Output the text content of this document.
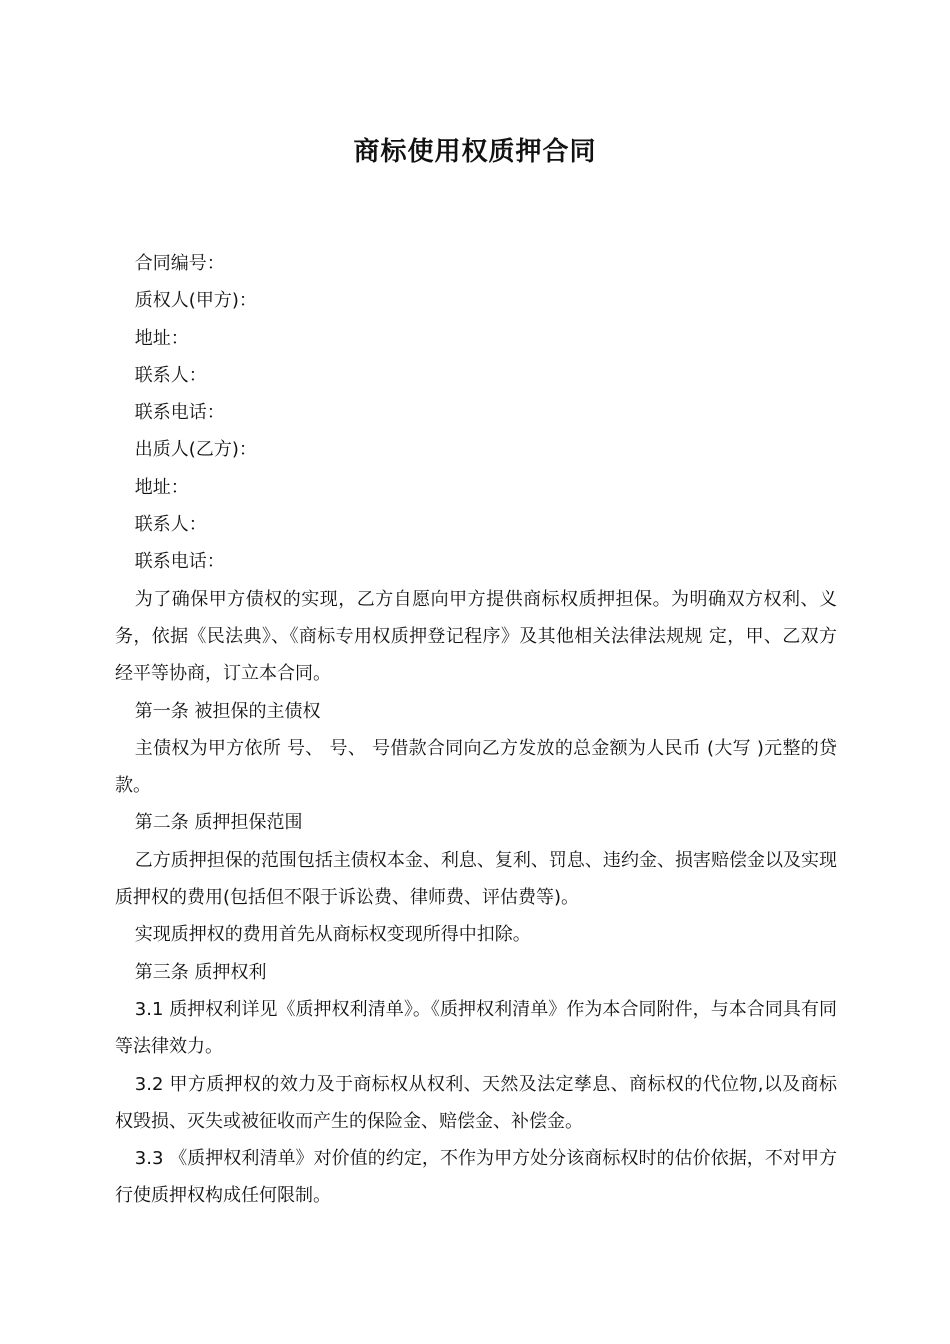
商标使用权质押合同

合同编号：

质权人(甲方)：

地址：

联系人：

联系电话：

出质人(乙方)：

地址：

联系人：

联系电话：

为了确保甲方债权的实现，乙方自愿向甲方提供商标权质押担保。为明确双方权利、义务，依据《民法典》、《商标专用权质押登记程序》及其他相关法律法规规 定，甲、乙双方经平等协商，订立本合同。

第一条 被担保的主债权

主债权为甲方依所 号、 号、 号借款合同向乙方发放的总金额为人民币 (大写 )元整的贷款。

第二条 质押担保范围

乙方质押担保的范围包括主债权本金、利息、复利、罚息、违约金、损害赔偿金以及实现质押权的费用(包括但不限于诉讼费、律师费、评估费等)。

实现质押权的费用首先从商标权变现所得中扣除。

第三条 质押权利

3.1 质押权利详见《质押权利清单》。《质押权利清单》作为本合同附件，与本合同具有同等法律效力。

3.2 甲方质押权的效力及于商标权从权利、天然及法定孳息、商标权的代位物,以及商标权毁损、灭失或被征收而产生的保险金、赔偿金、补偿金。

3.3 《质押权利清单》对价值的约定，不作为甲方处分该商标权时的估价依据，不对甲方行使质押权构成任何限制。
